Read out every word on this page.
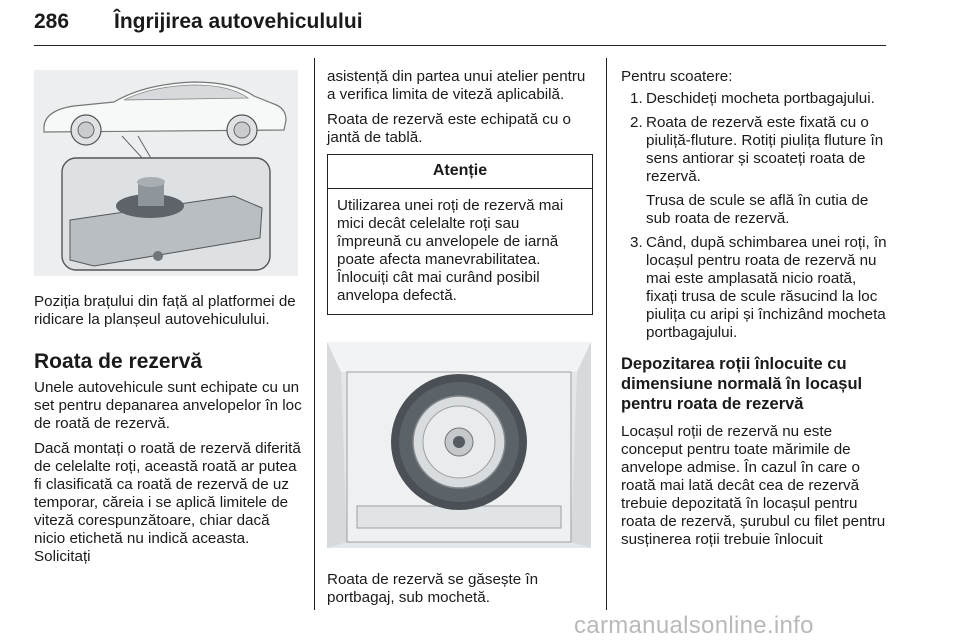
286 Îngrijirea autovehiculului

Poziția brațului din față al platformei de ridicare la planșeul autovehiculului.

Roata de rezervă

Unele autovehicule sunt echipate cu un set pentru depanarea anvelopelor în loc de roată de rezervă.

Dacă montați o roată de rezervă diferită de celelalte roți, această roată ar putea fi clasificată ca roată de rezervă de uz temporar, căreia i se aplică limitele de viteză corespunzătoare, chiar dacă nicio etichetă nu indică aceasta. Solicitați

asistență din partea unui atelier pentru a verifica limita de viteză aplicabilă.

Roata de rezervă este echipată cu o jantă de tablă.

Atenție
Utilizarea unei roți de rezervă mai mici decât celelalte roți sau împreună cu anvelopele de iarnă poate afecta manevrabilitatea. Înlocuiți cât mai curând posibil anvelopa defectă.

Roata de rezervă se găsește în portbagaj, sub mochetă.

Pentru scoatere:

1. Deschideți mocheta portbagajului.
2. Roata de rezervă este fixată cu o piuliță-fluture. Rotiți piulița fluture în sens antiorar și scoateți roata de rezervă.
Trusa de scule se află în cutia de sub roata de rezervă.
3. Când, după schimbarea unei roți, în locașul pentru roata de rezervă nu mai este amplasată nicio roată, fixați trusa de scule răsucind la loc piulița cu aripi și închizând mocheta portbagajului.
Depozitarea roții înlocuite cu dimensiune normală în locașul pentru roata de rezervă

Locașul roții de rezervă nu este conceput pentru toate mărimile de anvelope admise. În cazul în care o roată mai lată decât cea de rezervă trebuie depozitată în locașul pentru roata de rezervă, șurubul cu filet pentru susținerea roții trebuie înlocuit

carmanualsonline.info
